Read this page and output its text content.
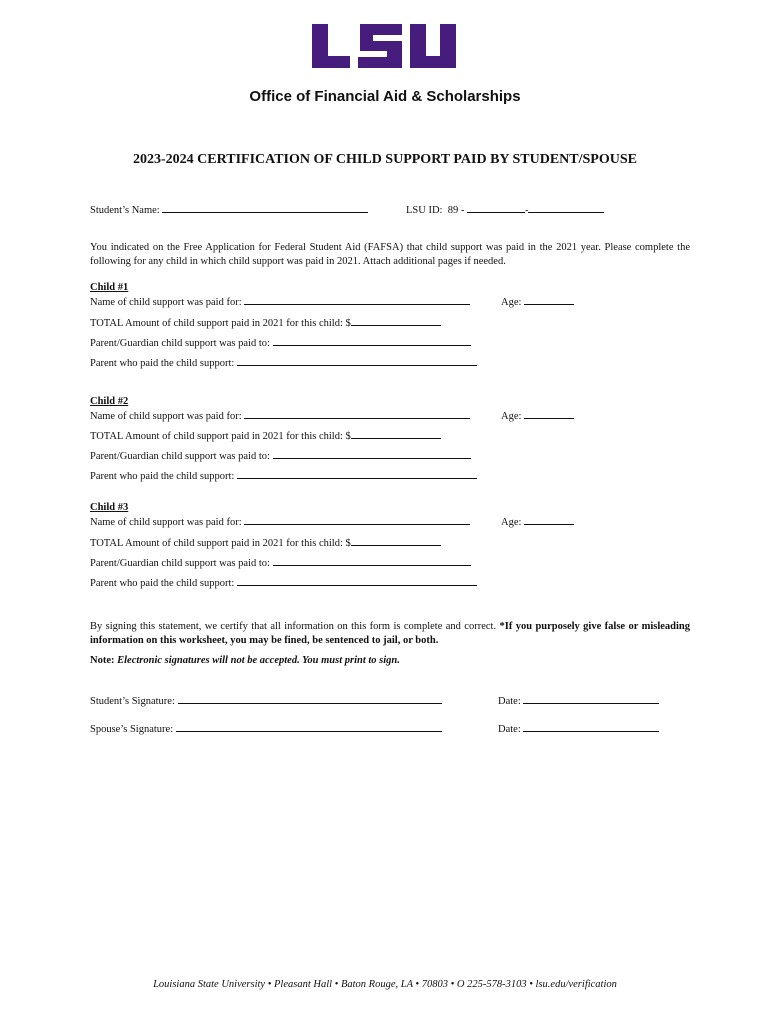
Office of Financial Aid & Scholarships
2023-2024 CERTIFICATION OF CHILD SUPPORT PAID BY STUDENT/SPOUSE
Student’s Name:	LSU ID: 89 -	-
You indicated on the Free Application for Federal Student Aid (FAFSA) that child support was paid in the 2021 year. Please complete the following for any child in which child support was paid in 2021. Attach additional pages if needed.
Child #1
Name of child support was paid for:	Age:
TOTAL Amount of child support paid in 2021 for this child: $
Parent/Guardian child support was paid to:
Parent who paid the child support:
Child #2
Name of child support was paid for:	Age:
TOTAL Amount of child support paid in 2021 for this child: $
Parent/Guardian child support was paid to:
Parent who paid the child support:
Child #3
Name of child support was paid for:	Age:
TOTAL Amount of child support paid in 2021 for this child: $
Parent/Guardian child support was paid to:
Parent who paid the child support:
By signing this statement, we certify that all information on this form is complete and correct. *If you purposely give false or misleading information on this worksheet, you may be fined, be sentenced to jail, or both.
Note: Electronic signatures will not be accepted. You must print to sign.
Student’s Signature:	Date:
Spouse’s Signature:	Date:
Louisiana State University • Pleasant Hall • Baton Rouge, LA • 70803 • O 225-578-3103 • lsu.edu/verification
